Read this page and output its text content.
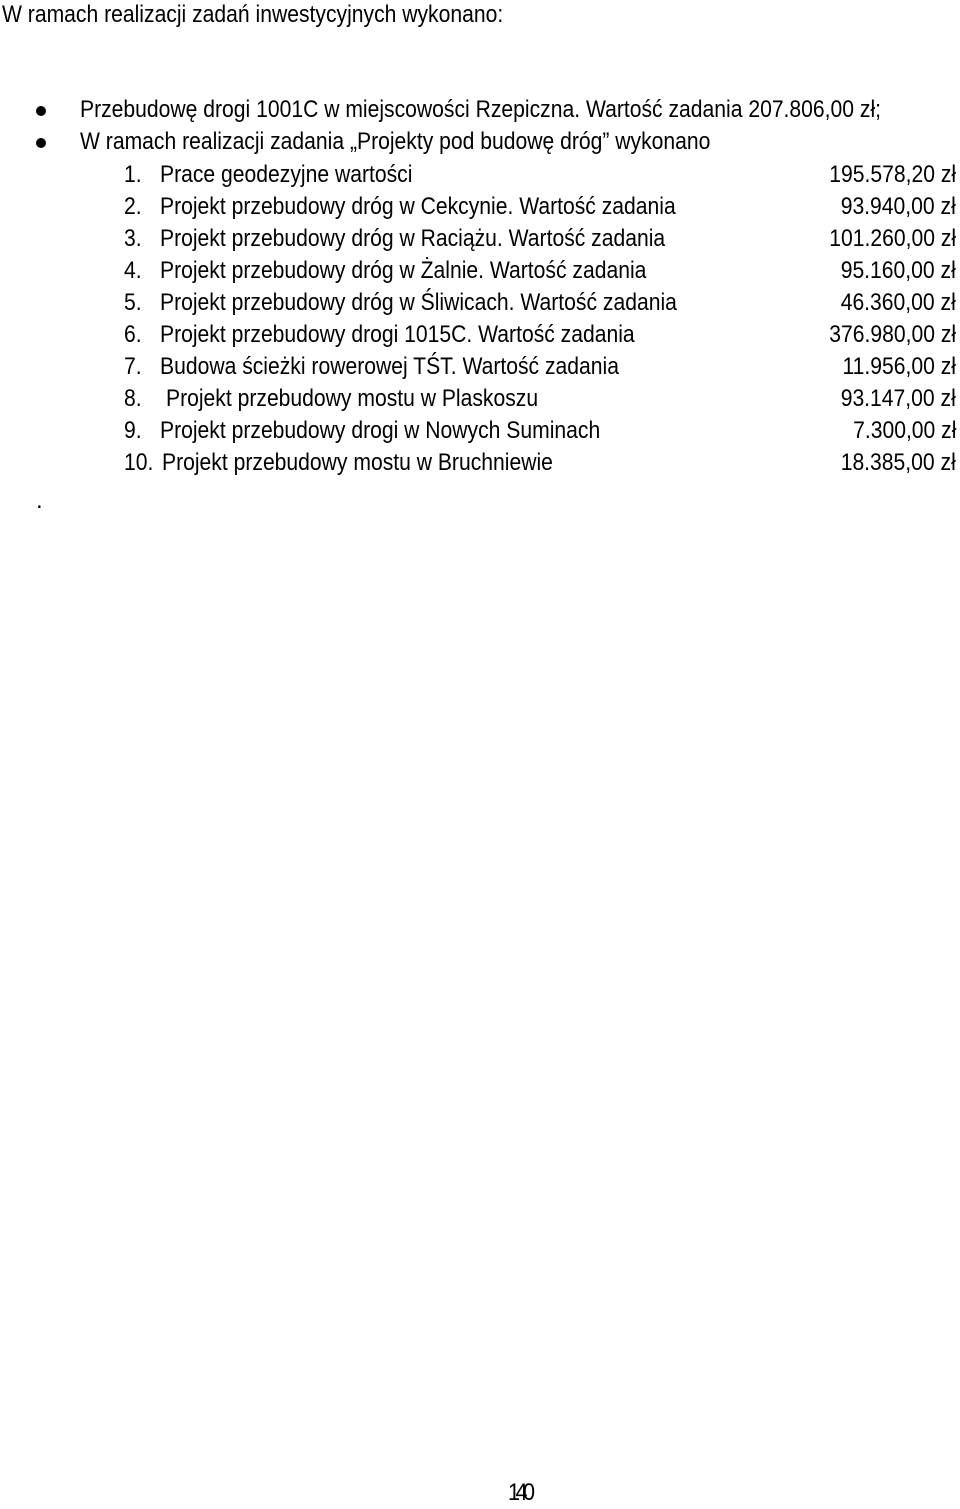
W ramach realizacji zadań inwestycyjnych wykonano:
Przebudowę drogi 1001C w miejscowości Rzepiczna. Wartość zadania 207.806,00 zł;
W ramach realizacji zadania „Projekty pod budowę dróg” wykonano
1. Prace geodezyjne wartości	195.578,20 zł
2. Projekt przebudowy dróg w Cekcynie. Wartość zadania	93.940,00 zł
3. Projekt przebudowy dróg w Raciążu. Wartość zadania	101.260,00 zł
4. Projekt przebudowy dróg w Żalnie. Wartość zadania	95.160,00 zł
5. Projekt przebudowy dróg w Śliwicach. Wartość zadania	46.360,00 zł
6. Projekt przebudowy drogi 1015C. Wartość zadania	376.980,00 zł
7. Budowa ścieżki rowerowej TŚT. Wartość zadania	11.956,00 zł
8. Projekt przebudowy mostu w Plaskoszu	93.147,00 zł
9. Projekt przebudowy drogi w Nowych Suminach	7.300,00 zł
10. Projekt przebudowy mostu w Bruchniewie	18.385,00 zł
.
140
